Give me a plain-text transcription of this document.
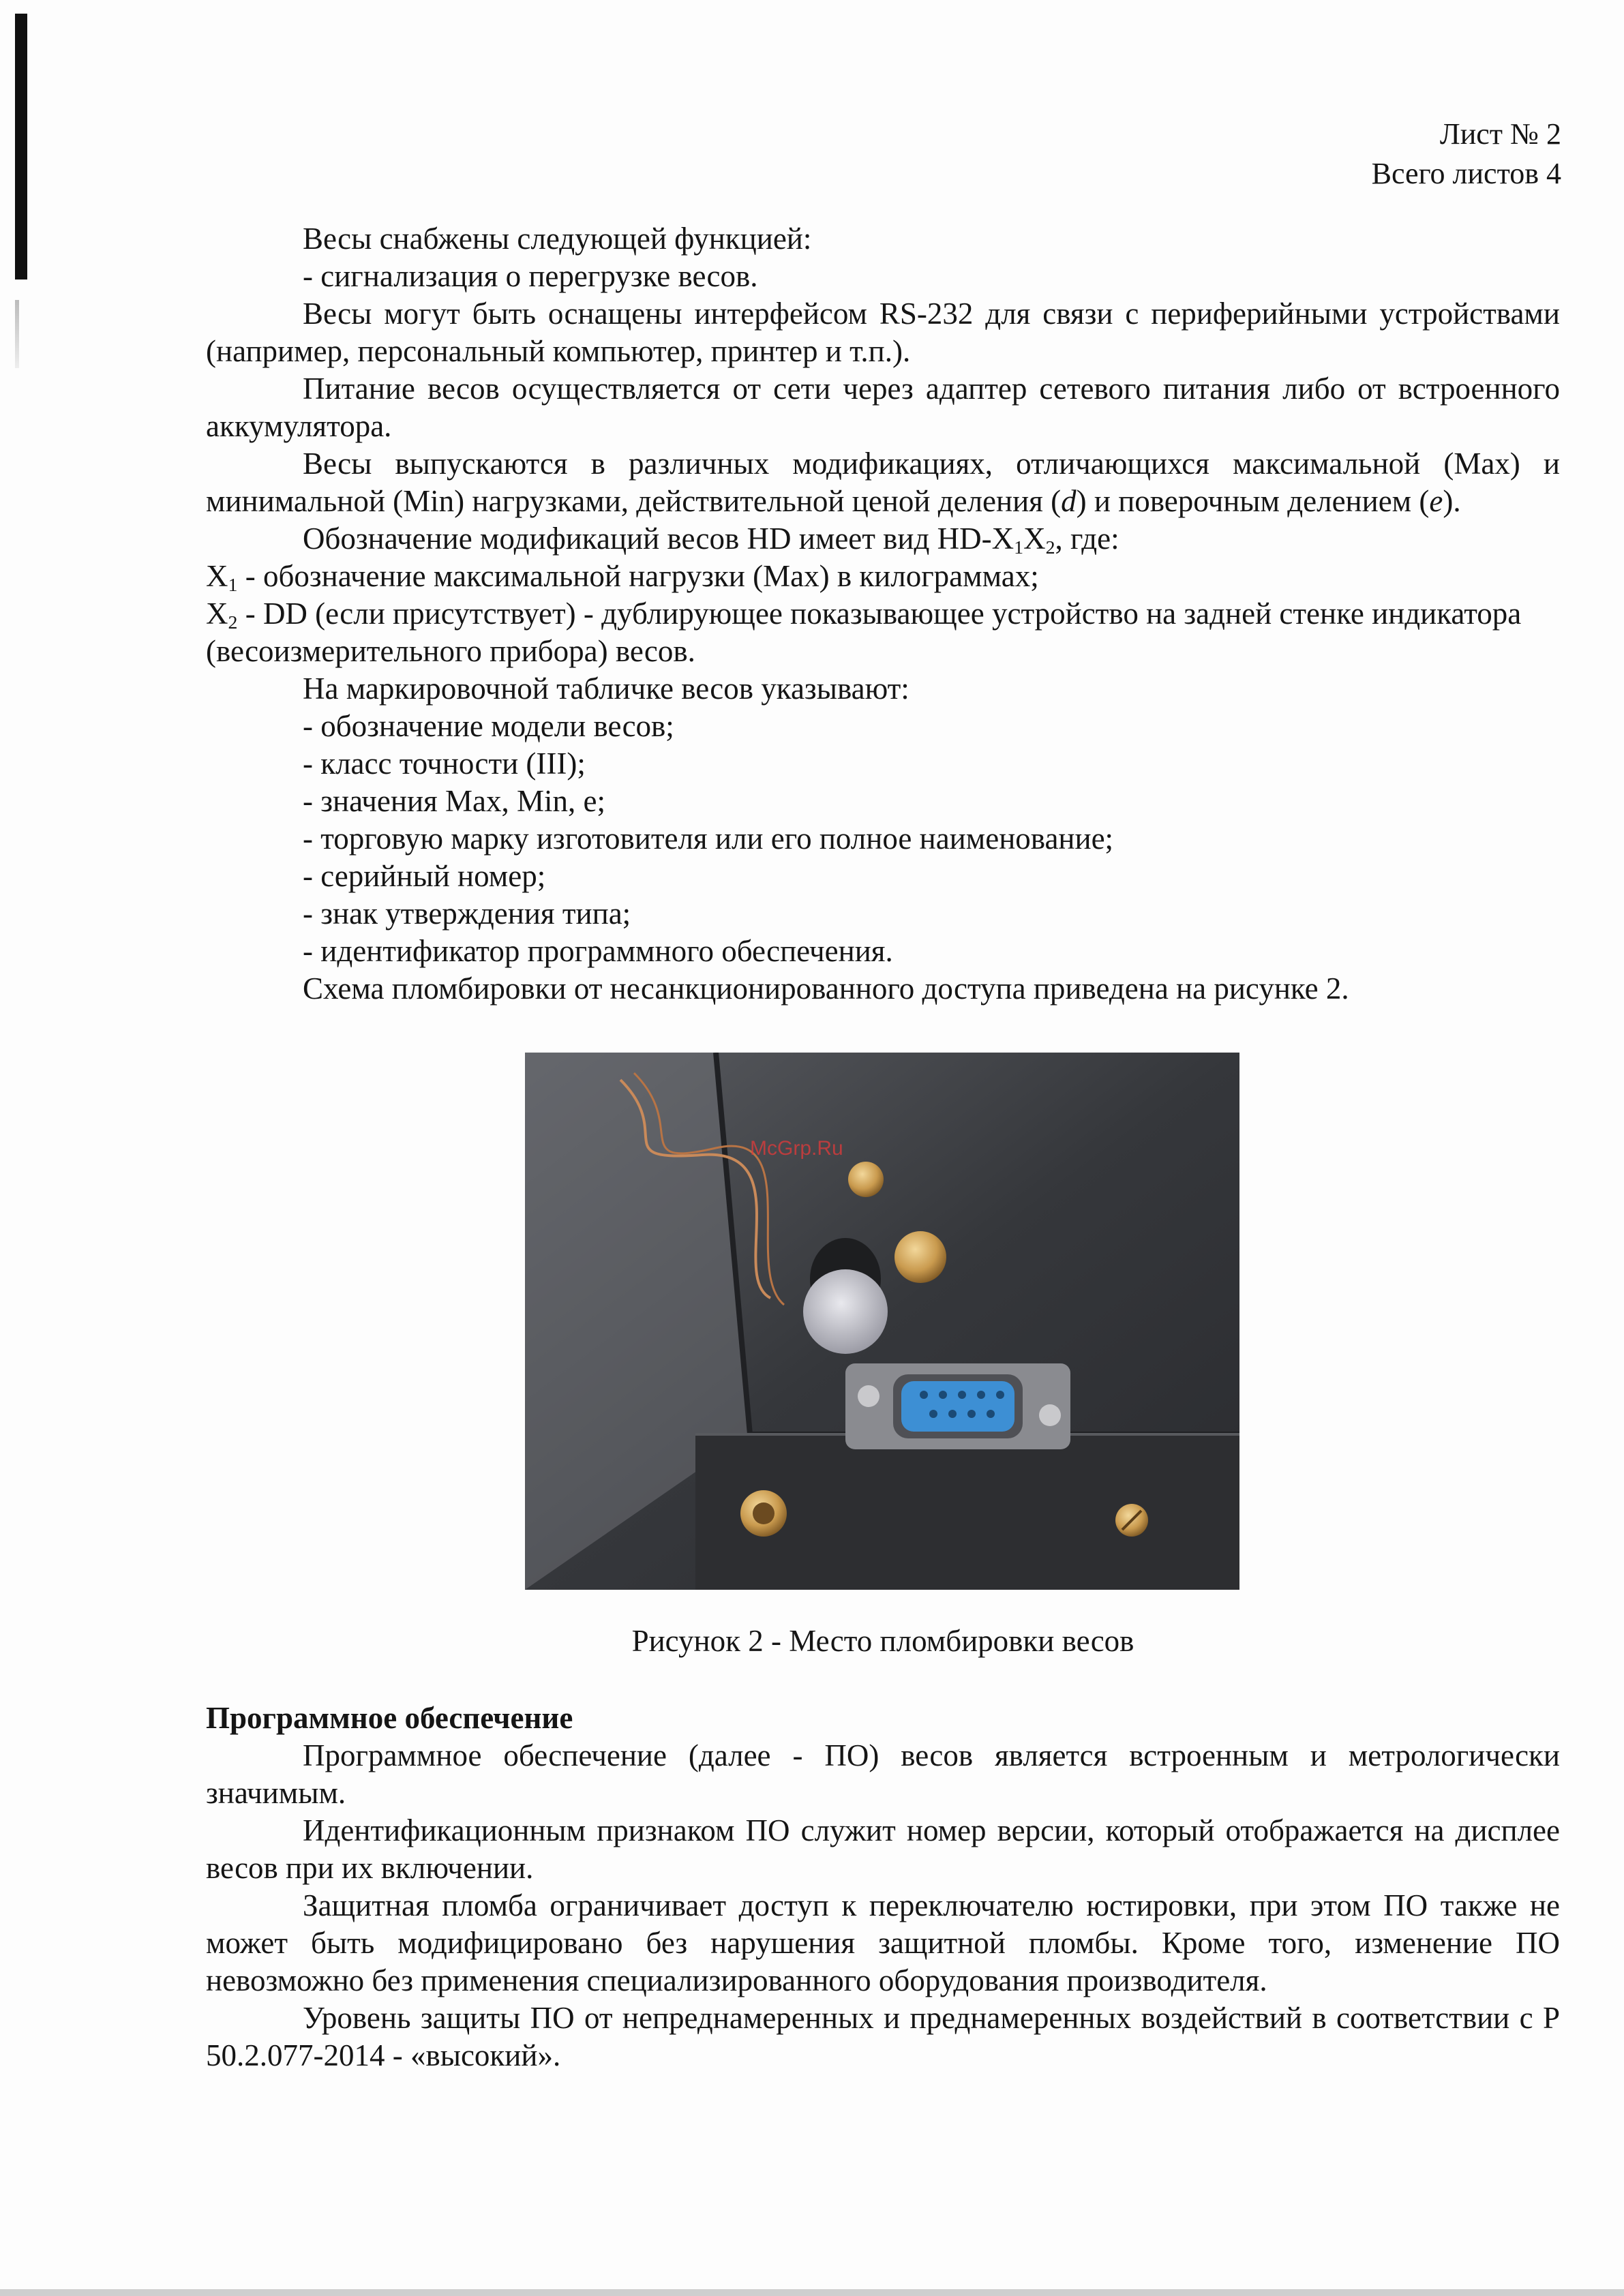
Лист № 2
Всего листов 4

Весы снабжены следующей функцией:

- сигнализация о перегрузке весов.

Весы могут быть оснащены интерфейсом RS-232 для связи с периферийными устройствами (например, персональный компьютер, принтер и т.п.).

Питание весов осуществляется от сети через адаптер сетевого питания либо от встроенного аккумулятора.

Весы выпускаются в различных модификациях, отличающихся максимальной (Max) и минимальной (Min) нагрузками, действительной ценой деления (d) и поверочным делением (e).

Обозначение модификаций весов HD имеет вид $HD-X_1X_2$, где:

$X_1$ - обозначение максимальной нагрузки (Max) в килограммах;

$X_2$ - DD (если присутствует) - дублирующее показывающее устройство на задней стенке индикатора (весоизмерительного прибора) весов.

На маркировочной табличке весов указывают:

- обозначение модели весов;

- класс точности (III);

- значения Max, Min, e;

- торговую марку изготовителя или его полное наименование;

- серийный номер;

- знак утверждения типа;

- идентификатор программного обеспечения.

Схема пломбировки от несанкционированного доступа приведена на рисунке 2.

McGrp.Ru
Рисунок 2 - Место пломбировки весов
Программное обеспечение

Программное обеспечение (далее - ПО) весов является встроенным и метрологически значимым.

Идентификационным признаком ПО служит номер версии, который отображается на дисплее весов при их включении.

Защитная пломба ограничивает доступ к переключателю юстировки, при этом ПО также не может быть модифицировано без нарушения защитной пломбы. Кроме того, изменение ПО невозможно без применения специализированного оборудования производителя.

Уровень защиты ПО от непреднамеренных и преднамеренных воздействий в соответствии с Р 50.2.077-2014 - «высокий».
